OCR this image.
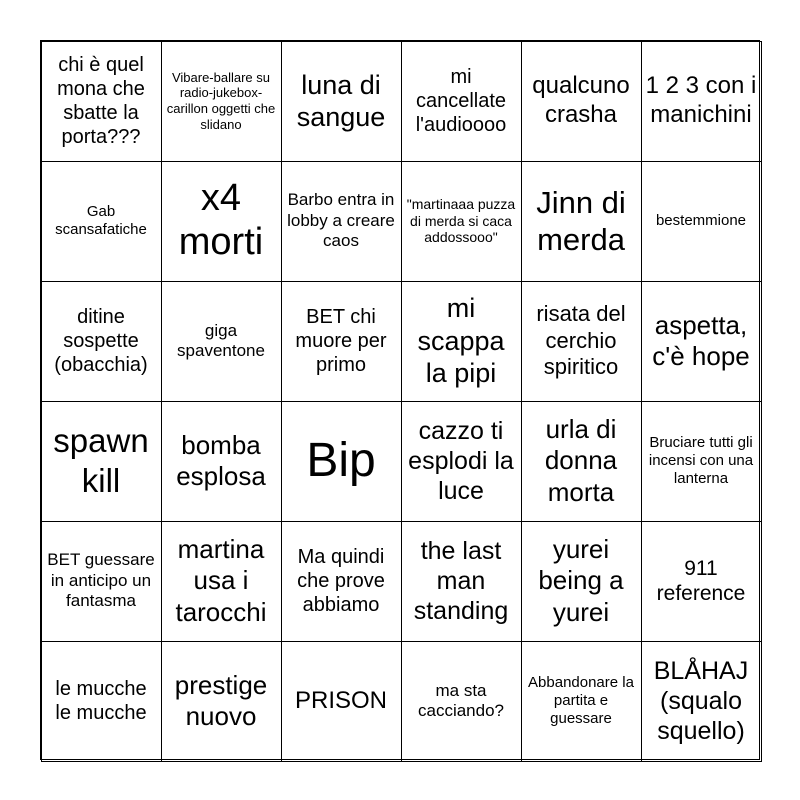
chi è quel mona che sbatte la porta???
Vibare-ballare su radio-jukebox-carillon oggetti che slidano
luna di sangue
mi cancellate l'audioooo
qualcuno crasha
1 2 3 con i manichini
Gab scansafatiche
x4 morti
Barbo entra in lobby a creare caos
"martinaaa puzza di merda si caca addossooo"
Jinn di merda
bestemmione
ditine sospette (obacchia)
giga spaventone
BET chi muore per primo
mi scappa la pipi
risata del cerchio spiritico
aspetta, c'è hope
spawn kill
bomba esplosa Bip
cazzo ti esplodi la luce
urla di donna morta
Bruciare tutti gli incensi con una lanterna
BET guessare in anticipo un fantasma
martina usa i tarocchi
Ma quindi che prove abbiamo
the last man standing
yurei being a yurei
911 reference
le mucche le mucche
prestige nuovo
PRISON	ma sta cacciando?
Abbandonare la partita e guessare
BLÅHAJ (squalo squello)
